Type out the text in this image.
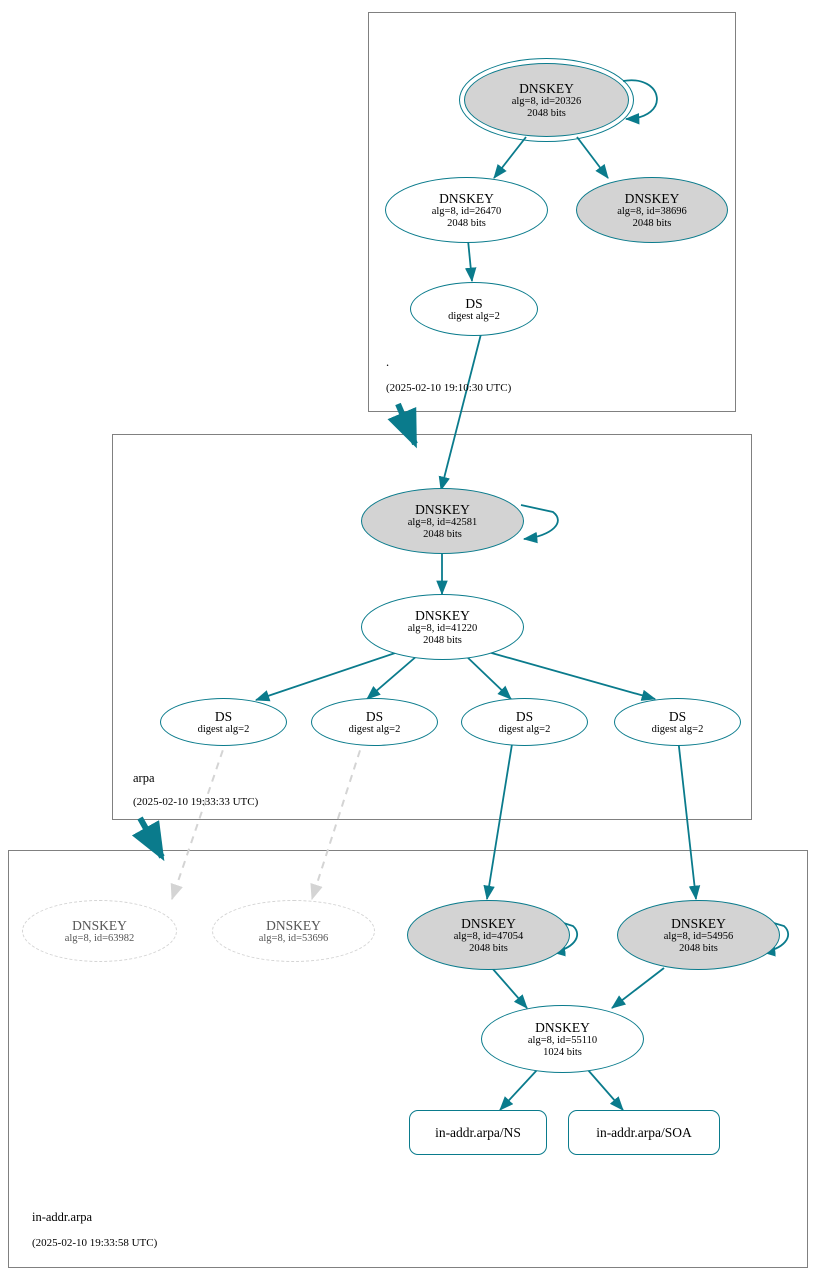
DNSKEY
alg=8, id=20326
2048 bits
DNSKEY
alg=8, id=26470
2048 bits
DNSKEY
alg=8, id=38696
2048 bits
DS
digest alg=2
.
(2025-02-10 19:10:30 UTC)
DNSKEY
alg=8, id=42581
2048 bits
DNSKEY
alg=8, id=41220
2048 bits
DS
digest alg=2
DS
digest alg=2
DS
digest alg=2
DS
digest alg=2
arpa
(2025-02-10 19:33:33 UTC)
DNSKEY
alg=8, id=63982
DNSKEY
alg=8, id=53696
DNSKEY
alg=8, id=47054
2048 bits
DNSKEY
alg=8, id=54956
2048 bits
DNSKEY
alg=8, id=55110
1024 bits
in-addr.arpa/NS	in-addr.arpa/SOA
in-addr.arpa
(2025-02-10 19:33:58 UTC)
